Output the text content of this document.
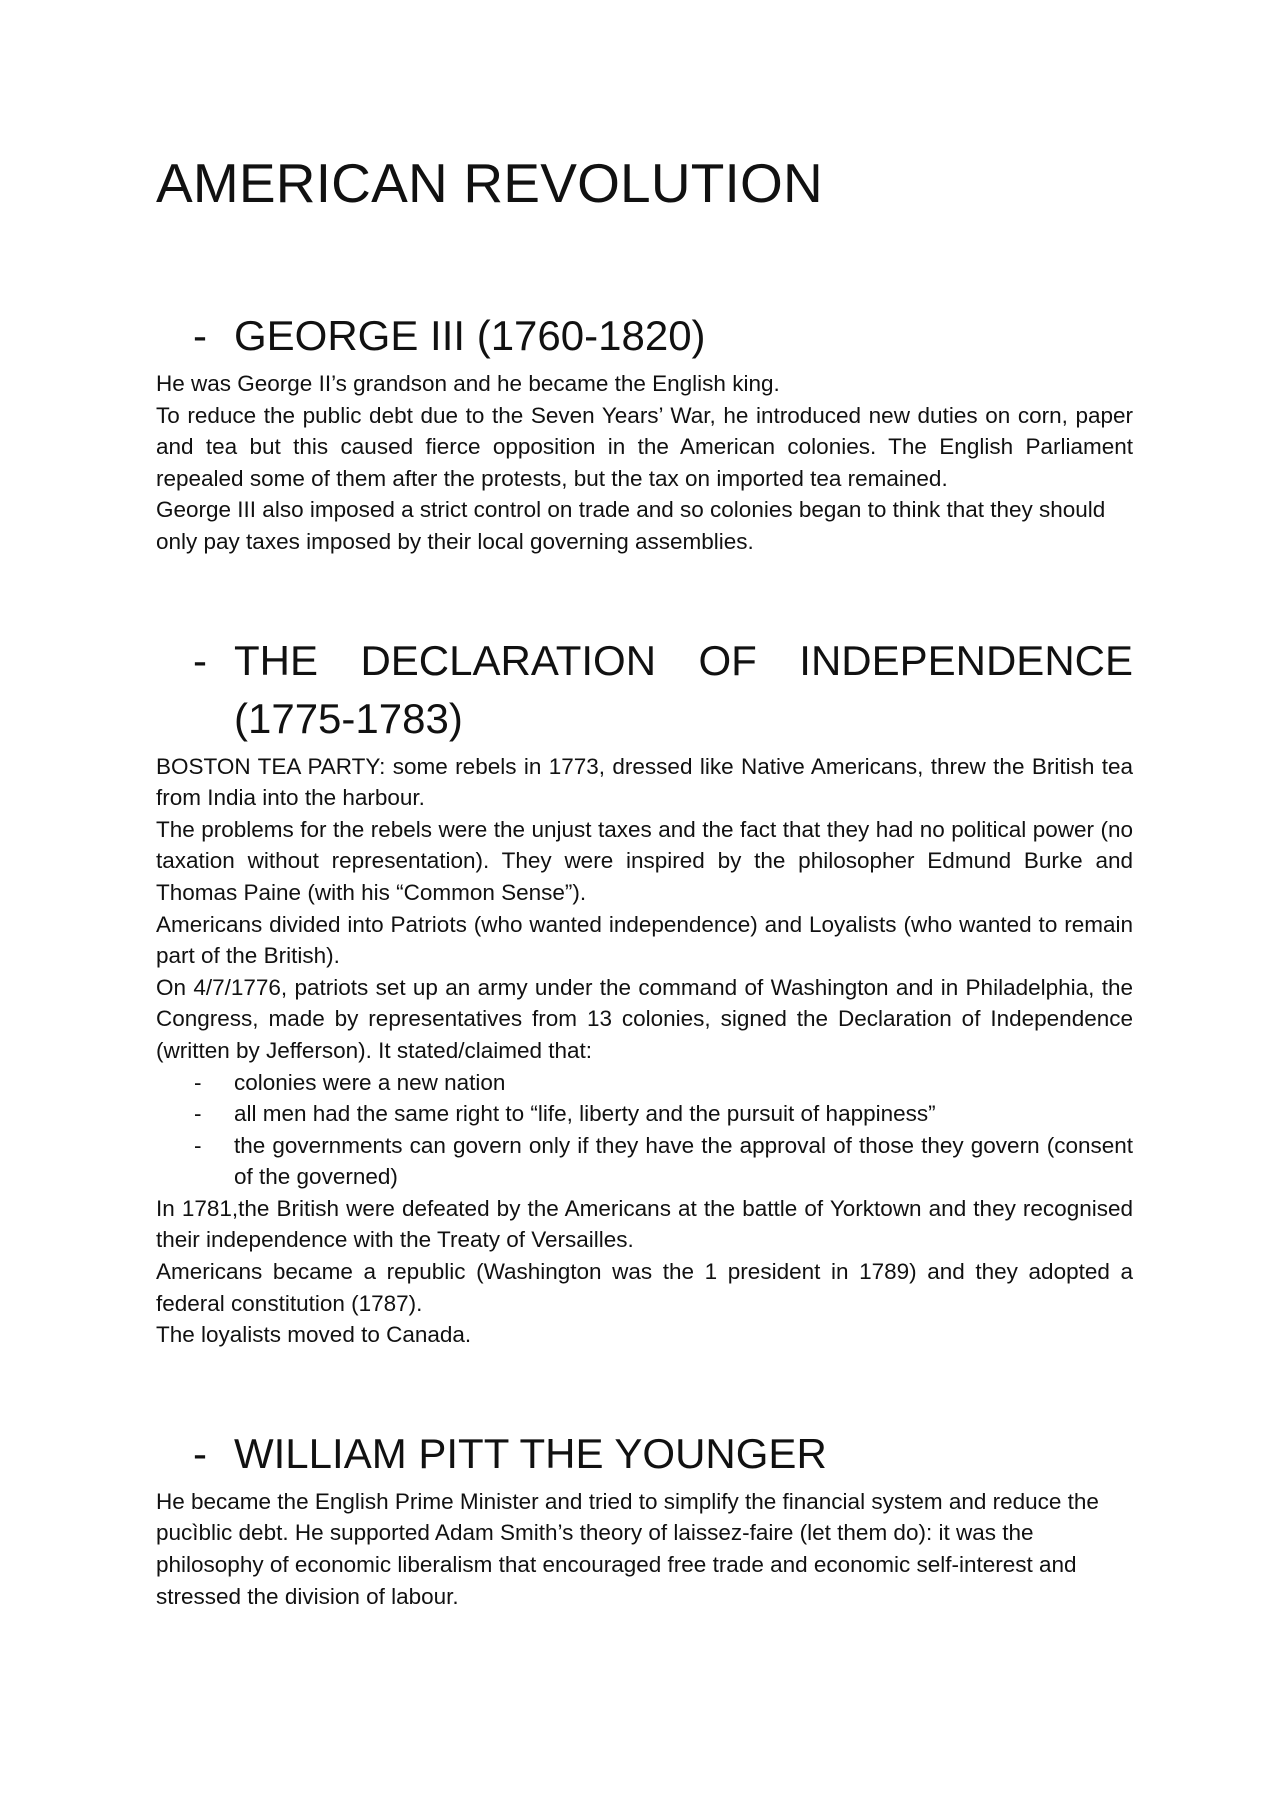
AMERICAN REVOLUTION
- GEORGE III (1760-1820)

He was George II’s grandson and he became the English king.

To reduce the public debt due to the Seven Years’ War, he introduced new duties on corn, paper and tea but this caused fierce opposition in the American colonies. The English Parliament repealed some of them after the protests, but the tax on imported tea remained.

George III also imposed a strict control on trade and so colonies began to think that they should only pay taxes imposed by their local governing assemblies.

- THE DECLARATION OF INDEPENDENCE (1775-1783)

BOSTON TEA PARTY: some rebels in 1773, dressed like Native Americans, threw the British tea from India into the harbour.

The problems for the rebels were the unjust taxes and the fact that they had no political power (no taxation without representation). They were inspired by the philosopher Edmund Burke and Thomas Paine (with his “Common Sense”).

Americans divided into Patriots (who wanted independence) and Loyalists (who wanted to remain part of the British).

On 4/7/1776, patriots set up an army under the command of Washington and in Philadelphia, the Congress, made by representatives from 13 colonies, signed the Declaration of Independence (written by Jefferson). It stated/claimed that:

-	colonies were a new nation
-	all men had the same right to “life, liberty and the pursuit of happiness”
-	the governments can govern only if they have the approval of those they govern (consent of the governed)

In 1781,the British were defeated by the Americans at the battle of Yorktown and they recognised their independence with the Treaty of Versailles.

Americans became a republic (Washington was the 1 president in 1789) and they adopted a federal constitution (1787).

The loyalists moved to Canada.

- WILLIAM PITT THE YOUNGER

He became the English Prime Minister and tried to simplify the financial system and reduce the pucìblic debt. He supported Adam Smith’s theory of laissez-faire (let them do): it was the philosophy of economic liberalism that encouraged free trade and economic self-interest and stressed the division of labour.
